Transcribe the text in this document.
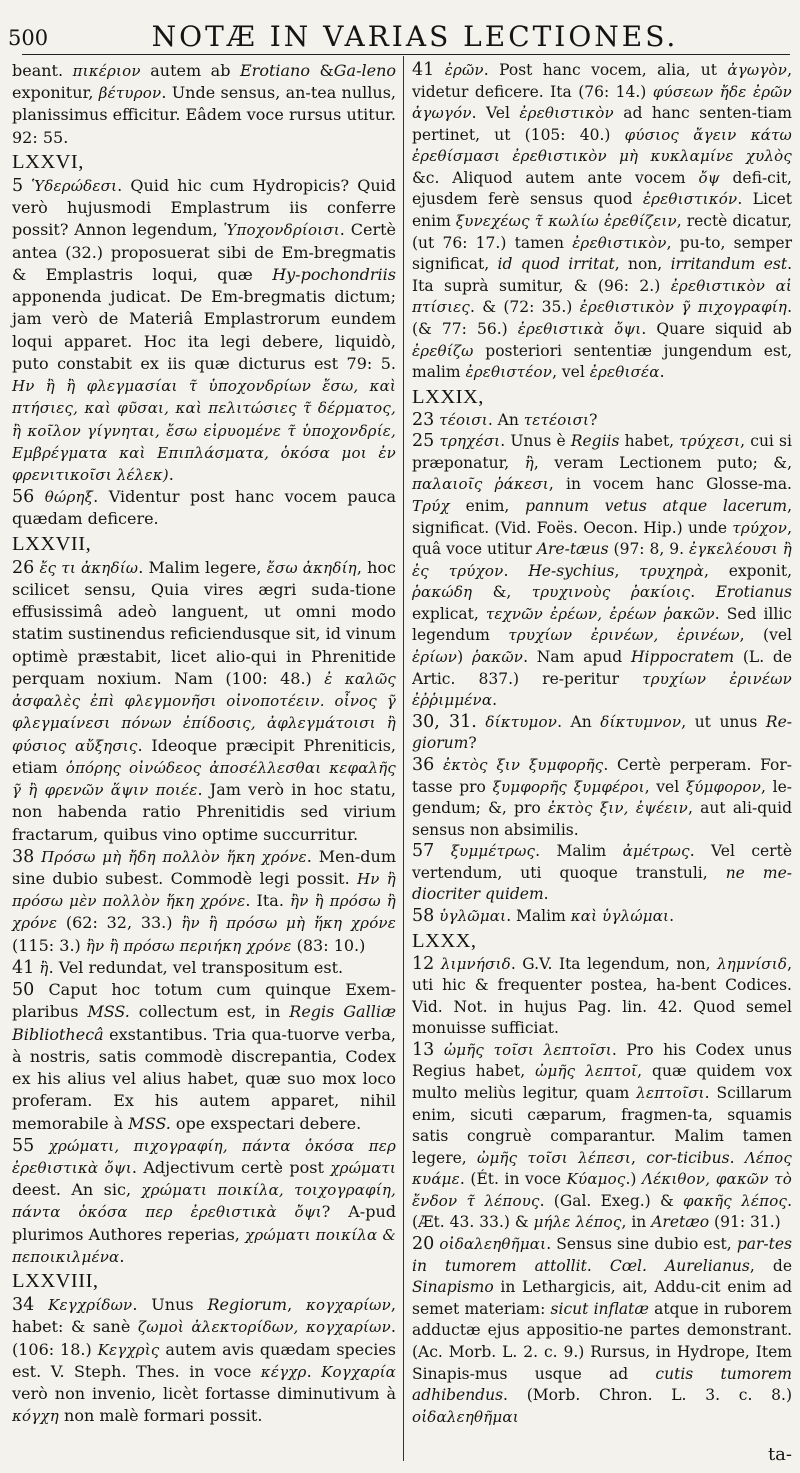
500	NOTÆ IN VARIAS LECTIONES.

beant. πικέριον autem ab Erotiano &Ga-leno exponitur, βέτυρον. Unde sensus, an-tea nullus, planissimus efficitur. Eâdem voce rursus utitur. 92: 55.

LXXVI,

5 Ὑδερώδεσι. Quid hic cum Hydropicis? Quid verò hujusmodi Emplastrum iis conferre possit? Annon legendum, Ὑποχονδρίοισι. Certè antea (32.) proposuerat sibi de Em-bregmatis & Emplastris loqui, quæ Hy-pochondriis apponenda judicat. De Em-bregmatis dictum; jam verò de Materiâ Emplastrorum eundem loqui apparet. Hoc ita legi debere, liquidò, puto constabit ex iis quæ dicturus est 79: 5. Ην ἢ ἢ φλεγμασίαι τ̃ ὑποχονδρίων ἔσω, καὶ πτήσιες, καὶ φῦσαι, καὶ πελιτώσιες τ̃ δέρματος, ἢ κοῖλον γίγνηται, ἔσω εἰρυομένε τ̃ ὑποχονδρίε, Εμβρέγματα καὶ Επιπλάσματα, ὁκόσα μοι ἐν φρενιτικοῖσι λέλεκ).

56 θώρηξ. Videntur post hanc vocem pauca quædam deficere.

LXXVII,

26 ἔς τι ἀκηδίω. Malim legere, ἔσω ἀκηδίη, hoc scilicet sensu, Quia vires ægri suda-tione effusissimâ adeò languent, ut omni modo statim sustinendus reficiendusque sit, id vinum optimè præstabit, licet alio-qui in Phrenitide perquam noxium. Nam (100: 48.) ἐ καλῶς ἀσφαλὲς ἐπὶ φλεγμονῆσι οἰνοποτέειν. οἶνος γ̃ φλεγμαίνεσι πόνων ἐπίδοσις, ἀφλεγμάτοισι ἢ φύσιος αὔξησις. Ideoque præcipit Phreniticis, etiam ὁπόρης οἰνώδεος ἀποσέλλεσθαι κεφαλῆς γ̃ ἢ φρενῶν ἅψιν ποιέε. Jam verò in hoc statu, non habenda ratio Phrenitidis sed virium fractarum, quibus vino optime succurritur.

38 Πρόσω μὴ ἤδη πολλὸν ἥκη χρόνε. Men-dum sine dubio subest. Commodè legi possit. Ην ἢ πρόσω μὲν πολλὸν ἥκη χρόνε. Ita. ἢν ἢ πρόσω ἢ χρόνε (62: 32, 33.) ἢν ἢ πρόσω μὴ ἥκη χρόνε (115: 3.) ἢν ἢ πρόσω περιήκη χρόνε (83: 10.)

41 ἢ. Vel redundat, vel transpositum est.

50 Caput hoc totum cum quinque Exem-plaribus MSS. collectum est, in Regis Galliæ Bibliothecâ exstantibus. Tria qua-tuorve verba, à nostris, satis commodè discrepantia, Codex ex his alius vel alius habet, quæ suo mox loco proferam. Ex his autem apparet, nihil memorabile à MSS. ope exspectari debere.

55 χρώματι, πιχογραφίη, πάντα ὁκόσα περ ἐρεθιστικὰ ὄψι. Adjectivum certè post χρώματι deest. An sic, χρώματι ποικίλα, τοιχογραφίη, πάντα ὁκόσα περ ἐρεθιστικὰ ὄψι? A-pud plurimos Authores reperias, χρώματι ποικίλα & πεποικιλμένα.

LXXVIII,

34 Κεγχρίδων. Unus Regiorum, κογχαρίων, habet: & sanè ζωμοὶ ἀλεκτορίδων, κογχαρίων. (106: 18.) Κεγχρὶς autem avis quædam species est. V. Steph. Thes. in voce κέγχρ. Κογχαρία verò non invenio, licèt fortasse diminutivum à κόγχη non malè formari possit.

41 ἐρῶν. Post hanc vocem, alia, ut ἀγωγὸν, videtur deficere. Ita (76: 14.) φύσεων ἤδε ἐρῶν ἀγωγόν. Vel ἐρεθιστικὸν ad hanc senten-tiam pertinet, ut (105: 40.) φύσιος ἄγειν κάτω ἐρεθίσμασι ἐρεθιστικὸν μὴ κυκλαμίνε χυλὸς &c. Aliquod autem ante vocem ὄψ defi-cit, ejusdem ferè sensus quod ἐρεθιστικόν. Licet enim ξυνεχέως τ̃ κωλίω ἐρεθίζειν, rectè dicatur, (ut 76: 17.) tamen ἐρεθιστικὸν, pu-to, semper significat, id quod irritat, non, irritandum est. Ita suprà sumitur, & (96: 2.) ἐρεθιστικὸν αἱ πτίσιες. & (72: 35.) ἐρεθιστικὸν γ̃ πιχογραφίη. (& 77: 56.) ἐρεθιστικὰ ὄψι. Quare siquid ab ἐρεθίζω posteriori sententiæ jungendum est, malim ἐρεθιστέον, vel ἐρεθισέα.

LXXIX,

23 τέοισι. An τετέοισι?

25 τρηχέσι. Unus è Regiis habet, τρύχεσι, cui si præponatur, ἢ, veram Lectionem puto; &, παλαιοῖς ῥάκεσι, in vocem hanc Glosse-ma. Τρύχ enim, pannum vetus atque lacerum, significat. (Vid. Foës. Oecon. Hip.) unde τρύχον, quâ voce utitur Are-tæus (97: 8, 9. ἐγκελέουσι ἢ ἐς τρύχον. He-sychius, τρυχηρὰ, exponit, ῥακώδη &, τρυχινοὺς ῥακίοις. Erotianus explicat, τεχνῶν ἐρέων, ἐρέων ῥακῶν. Sed illic legendum τρυχίων ἐρινέων, ἐρινέων, (vel ἐρίων) ῥακῶν. Nam apud Hippocratem (L. de Artic. 837.) re-peritur τρυχίων ἐρινέων ἐῤῥιμμένα.

30, 31. δίκτυμον. An δίκτυμνον, ut unus Re-giorum?

36 ἐκτὸς ξιν ξυμφορῆς. Certè perperam. For-tasse pro ξυμφορῆς ξυμφέροι, vel ξύμφορον, le-gendum; &, pro ἐκτὸς ξιν, ἐψέειν, aut ali-quid sensus non absimilis.

57 ξυμμέτρως. Malim ἀμέτρως. Vel certè vertendum, uti quoque transtuli, ne me-diocriter quidem.

58 ὑγλῶμαι. Malim καὶ ὑγλώμαι.

LXXX,

12 λιμνήσιδ. G.V. Ita legendum, non, λημνίσιδ, uti hic & frequenter postea, ha-bent Codices. Vid. Not. in hujus Pag. lin. 42. Quod semel monuisse sufficiat.

13 ὠμῆς τοῖσι λεπτοῖσι. Pro his Codex unus Regius habet, ὠμῆς λεπτοῖ, quæ quidem vox multo meliùs legitur, quam λεπτοῖσι. Scillarum enim, sicuti cæparum, fragmen-ta, squamis satis congruè comparantur. Malim tamen legere, ὠμῆς τοῖσι λέπεσι, cor-ticibus. Λέπος κυάμε. (Ét. in voce Κύαμος.) Λέκιθον, φακῶν τὸ ἔνδον τ̃ λέπους. (Gal. Exeg.) & φακῆς λέπος. (Æt. 43. 33.) & μήλε λέπος, in Aretæo (91: 31.)

20 οἰδαλεηθῆμαι. Sensus sine dubio est, par-tes in tumorem attollit. Cœl. Aurelianus, de Sinapismo in Lethargicis, ait, Addu-cit enim ad semet materiam: sicut inflatæ atque in ruborem adductæ ejus appositio-ne partes demonstrant. (Ac. Morb. L. 2. c. 9.) Rursus, in Hydrope, Item Sinapis-mus usque ad cutis tumorem adhibendus. (Morb. Chron. L. 3. c. 8.) οἰδαλεηθῆμαι

ta-
